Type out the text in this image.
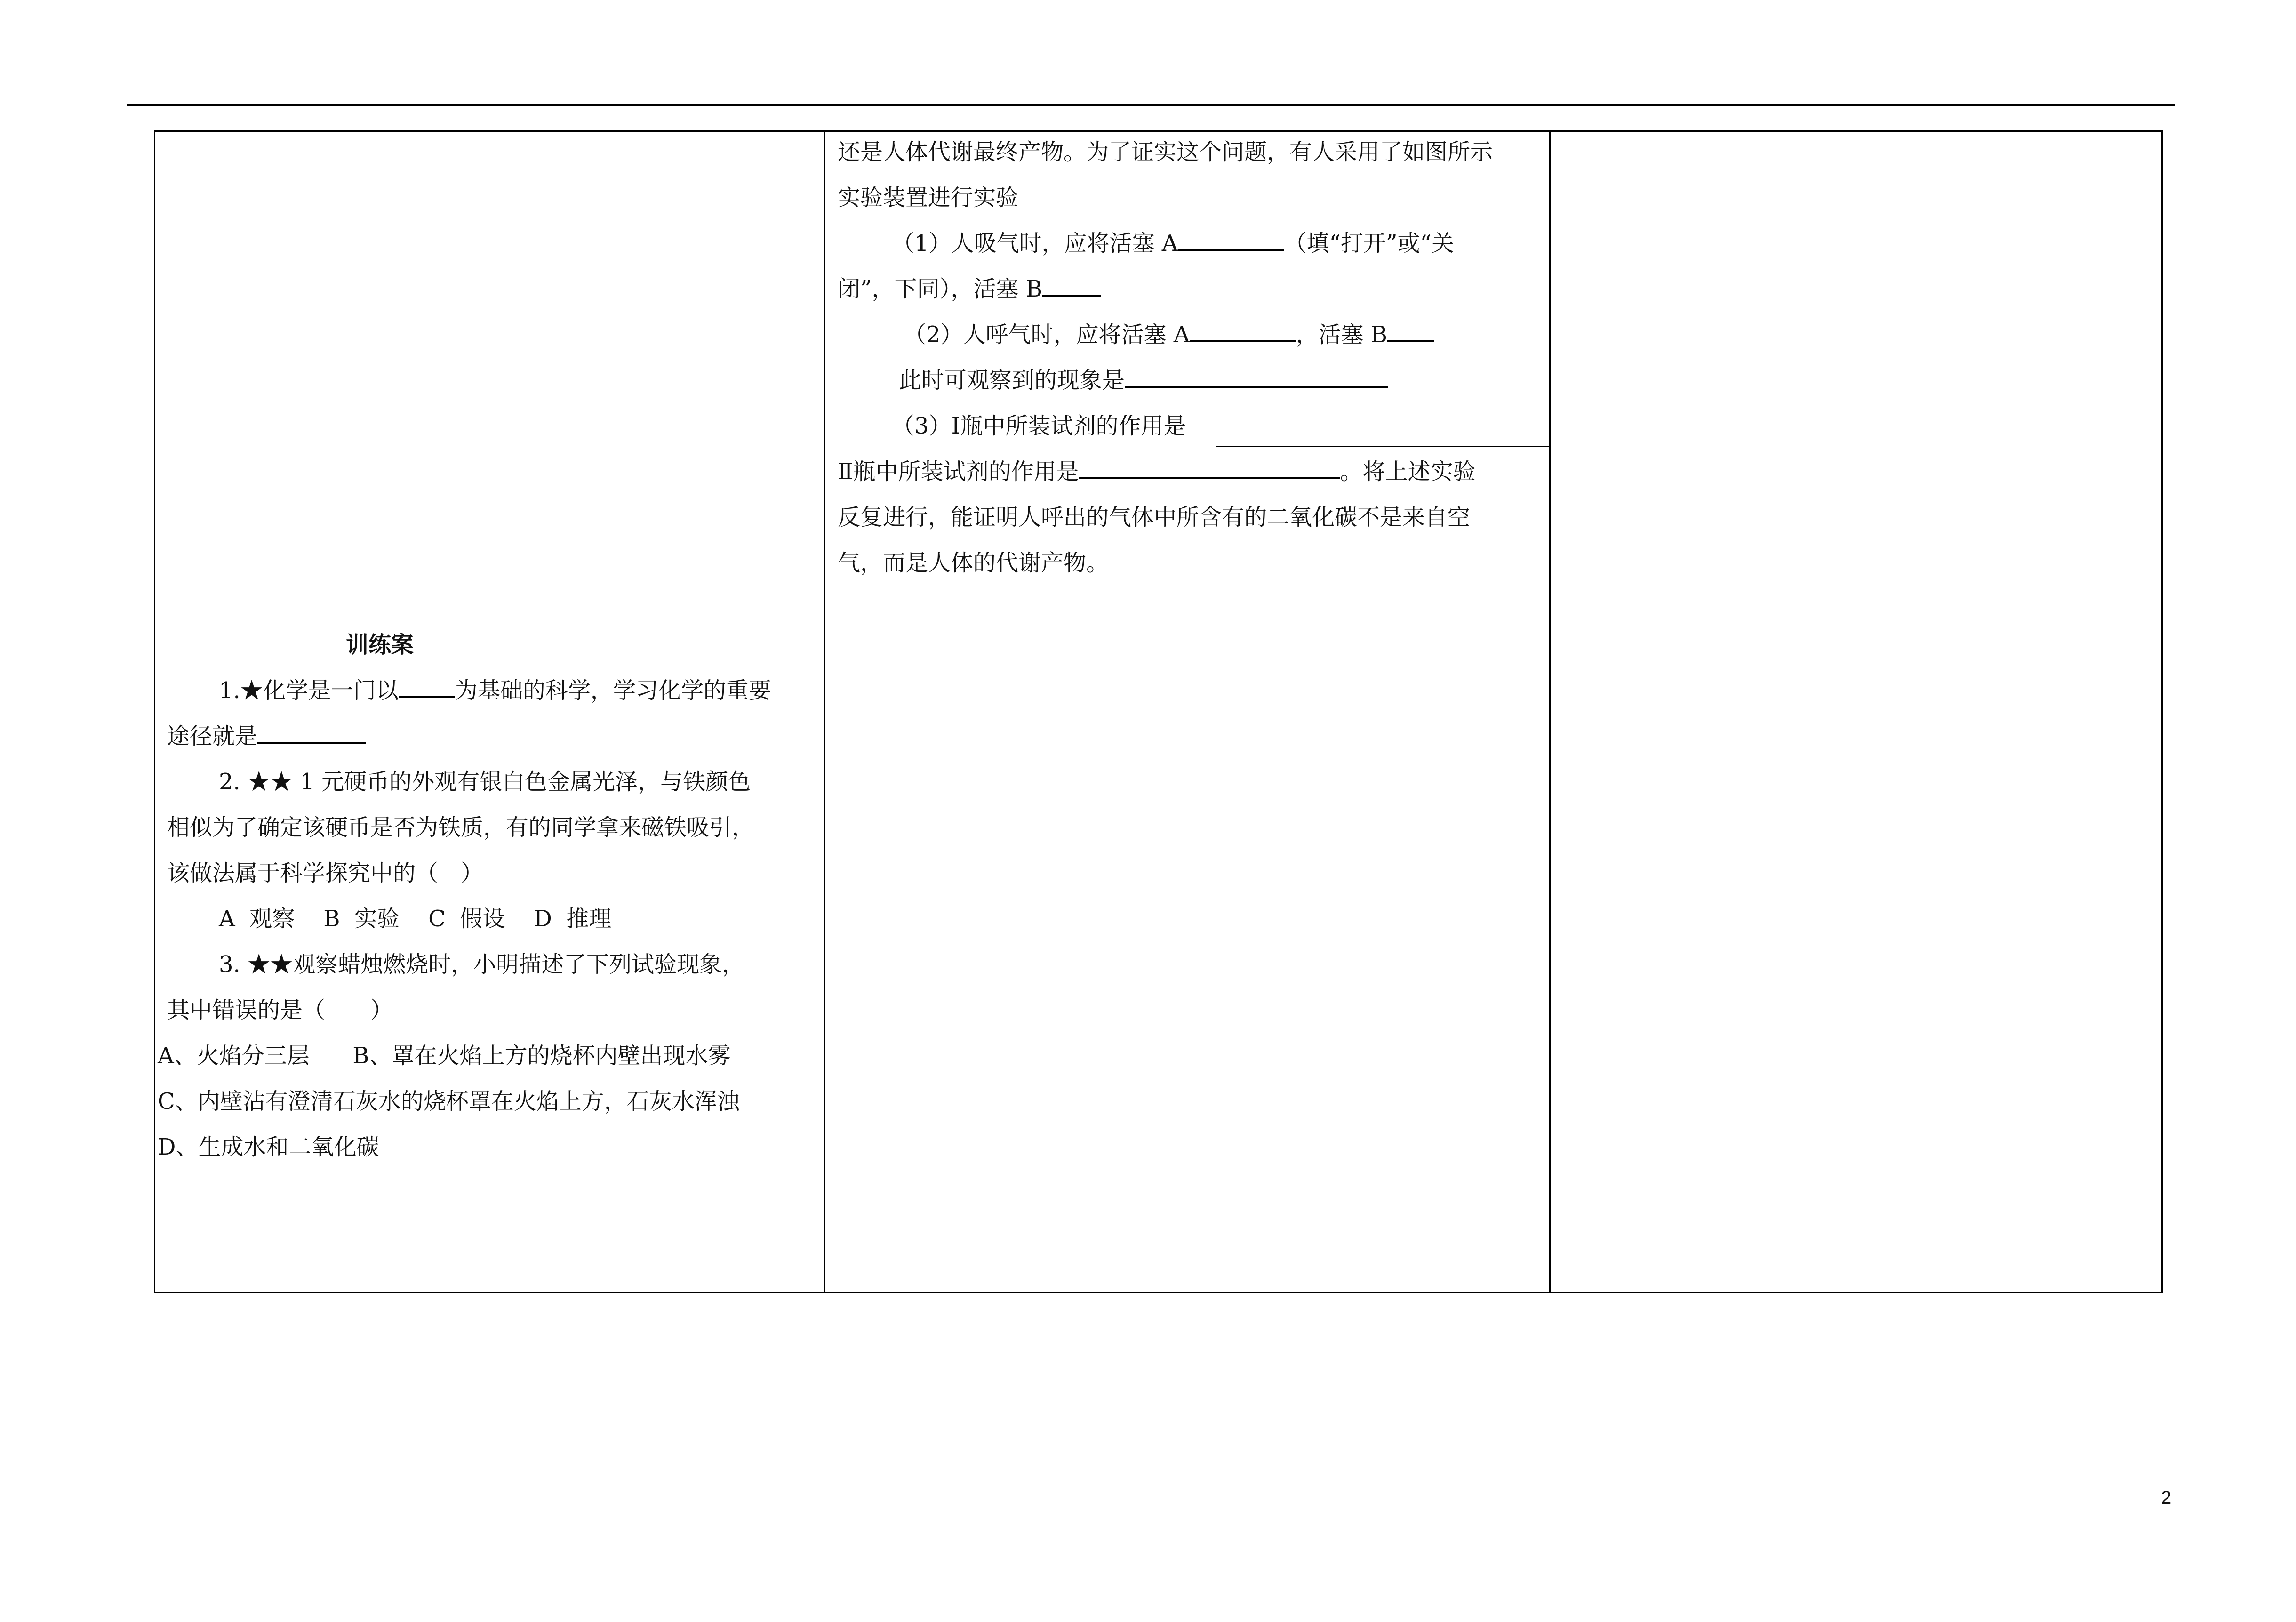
训练案
1.★化学是一门以	为基础的科学，学习化学的重要
途径就是
2. ★★ 1 元硬币的外观有银白色金属光泽，与铁颜色
相似为了确定该硬币是否为铁质，有的同学拿来磁铁吸引，
该做法属于科学探究中的（　）
A 观察 B 实验 C 假设 D 推理
3. ★★观察蜡烛燃烧时，小明描述了下列试验现象，
其中错误的是（　　）
A、火焰分三层 B、罩在火焰上方的烧杯内壁出现水雾
C、内壁沾有澄清石灰水的烧杯罩在火焰上方，石灰水浑浊
D、生成水和二氧化碳
还是人体代谢最终产物。为了证实这个问题，有人采用了如图所示
实验装置进行实验
（1）人吸气时，应将活塞 A	（填“打开”或“关
闭”，下同），活塞 B
（2）人呼气时，应将活塞 A	，活塞 B
此时可观察到的现象是
（3）Ⅰ瓶中所装试剂的作用是
Ⅱ瓶中所装试剂的作用是	。将上述实验
反复进行，能证明人呼出的气体中所含有的二氧化碳不是来自空
气，而是人体的代谢产物。
2
